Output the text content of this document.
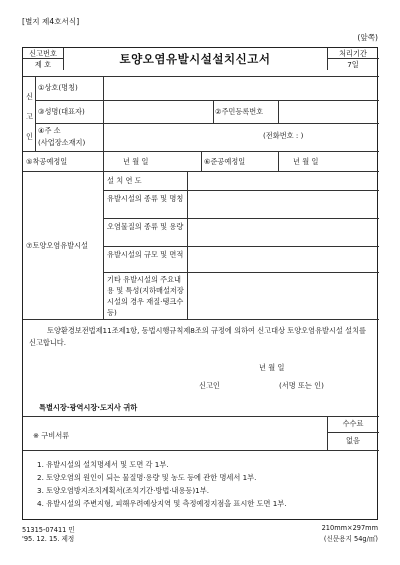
[별지 제4호서식]
(앞쪽)
신고번호
제 호	토양오염유발시설설치신고서	처리기간
7일
신
고
인
①상호(명칭)
③성명(대표자)	②주민등록번호
④주 소
(사업장소재지)
(전화번호 : )
⑤착공예정일	년 월 일	⑥준공예정일	년 월 일
⑦토양오염유발시설
설 치 연 도
유발시설의 종류 및 명칭
오염물질의 종류 및 용량
유발시설의 규모 및 면적
기타 유발시설의 주요내용 및 특성(지하매설저장시설의 경우 재질·탱크수 등)
토양환경보전법제11조제1항, 동법시행규칙제8조의 규정에 의하여 신고대상 토양오염유발시설 설치를 신고합니다.
년 월 일
신고인	(서명 또는 인)
특별시장·광역시장·도지사 귀하
※ 구비서류
수수료
없음
1. 유발시설의 설치명세서 및 도면 각 1부.
2. 토양오염의 원인이 되는 물질명·용량 및 농도 등에 관한 명세서 1부.
3. 토양오염방지조치계획서(조치기간·방법·내용등)1부.
4. 유발시설의 주변지형, 피해우려예상지역 및 측정예정지점을 표시한 도면 1부.
51315-07411 민
'95. 12. 15. 제정
210mm×297mm
(신문용지 54g/㎡)
